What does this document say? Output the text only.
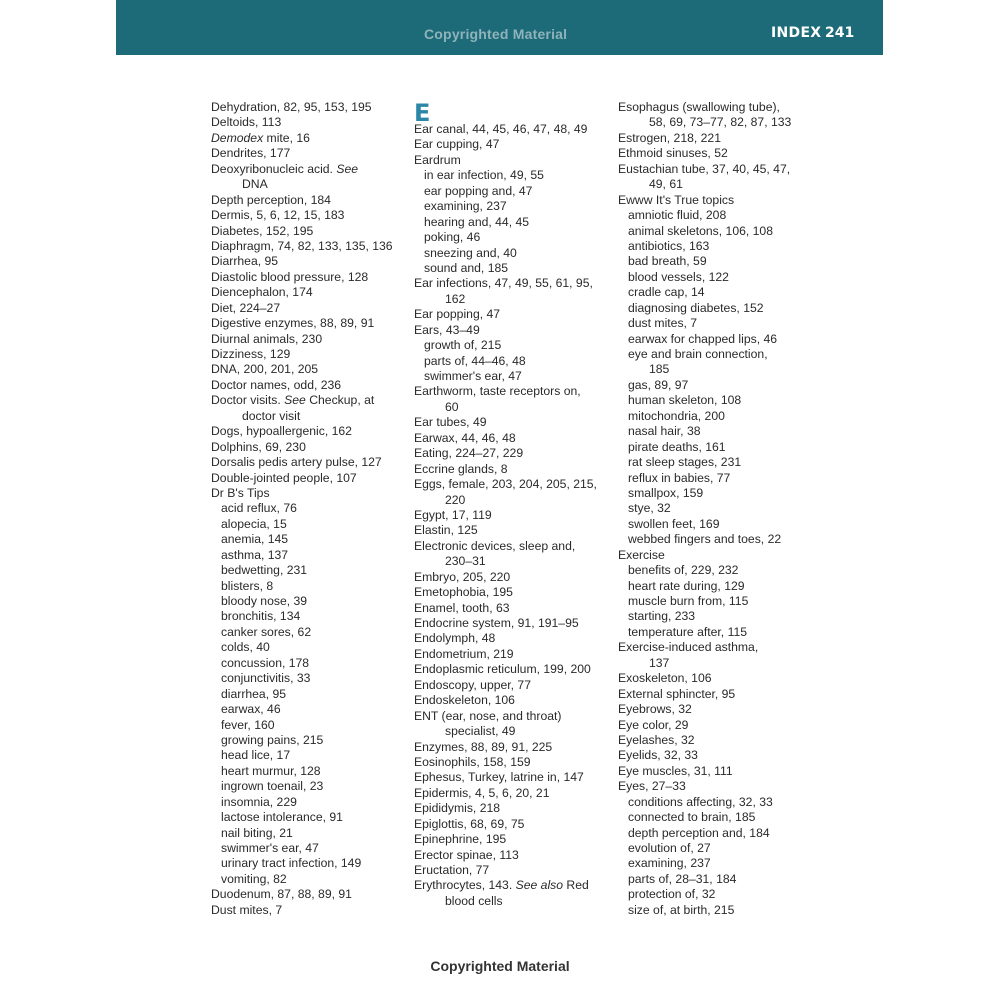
Copyrighted Material	INDEX 241
Dehydration, 82, 95, 153, 195
Deltoids, 113
Demodex mite, 16
Dendrites, 177
Deoxyribonucleic acid. See
DNA
Depth perception, 184
Dermis, 5, 6, 12, 15, 183
Diabetes, 152, 195
Diaphragm, 74, 82, 133, 135, 136
Diarrhea, 95
Diastolic blood pressure, 128
Diencephalon, 174
Diet, 224–27
Digestive enzymes, 88, 89, 91
Diurnal animals, 230
Dizziness, 129
DNA, 200, 201, 205
Doctor names, odd, 236
Doctor visits. See Checkup, at
doctor visit
Dogs, hypoallergenic, 162
Dolphins, 69, 230
Dorsalis pedis artery pulse, 127
Double-jointed people, 107
Dr B's Tips
acid reflux, 76
alopecia, 15
anemia, 145
asthma, 137
bedwetting, 231
blisters, 8
bloody nose, 39
bronchitis, 134
canker sores, 62
colds, 40
concussion, 178
conjunctivitis, 33
diarrhea, 95
earwax, 46
fever, 160
growing pains, 215
head lice, 17
heart murmur, 128
ingrown toenail, 23
insomnia, 229
lactose intolerance, 91
nail biting, 21
swimmer's ear, 47
urinary tract infection, 149
vomiting, 82
Duodenum, 87, 88, 89, 91
Dust mites, 7
E
Ear canal, 44, 45, 46, 47, 48, 49
Ear cupping, 47
Eardrum
in ear infection, 49, 55
ear popping and, 47
examining, 237
hearing and, 44, 45
poking, 46
sneezing and, 40
sound and, 185
Ear infections, 47, 49, 55, 61, 95,
162
Ear popping, 47
Ears, 43–49
growth of, 215
parts of, 44–46, 48
swimmer's ear, 47
Earthworm, taste receptors on,
60
Ear tubes, 49
Earwax, 44, 46, 48
Eating, 224–27, 229
Eccrine glands, 8
Eggs, female, 203, 204, 205, 215,
220
Egypt, 17, 119
Elastin, 125
Electronic devices, sleep and,
230–31
Embryo, 205, 220
Emetophobia, 195
Enamel, tooth, 63
Endocrine system, 91, 191–95
Endolymph, 48
Endometrium, 219
Endoplasmic reticulum, 199, 200
Endoscopy, upper, 77
Endoskeleton, 106
ENT (ear, nose, and throat)
specialist, 49
Enzymes, 88, 89, 91, 225
Eosinophils, 158, 159
Ephesus, Turkey, latrine in, 147
Epidermis, 4, 5, 6, 20, 21
Epididymis, 218
Epiglottis, 68, 69, 75
Epinephrine, 195
Erector spinae, 113
Eructation, 77
Erythrocytes, 143. See also Red
blood cells
Esophagus (swallowing tube),
58, 69, 73–77, 82, 87, 133
Estrogen, 218, 221
Ethmoid sinuses, 52
Eustachian tube, 37, 40, 45, 47,
49, 61
Ewww It's True topics
amniotic fluid, 208
animal skeletons, 106, 108
antibiotics, 163
bad breath, 59
blood vessels, 122
cradle cap, 14
diagnosing diabetes, 152
dust mites, 7
earwax for chapped lips, 46
eye and brain connection,
185
gas, 89, 97
human skeleton, 108
mitochondria, 200
nasal hair, 38
pirate deaths, 161
rat sleep stages, 231
reflux in babies, 77
smallpox, 159
stye, 32
swollen feet, 169
webbed fingers and toes, 22
Exercise
benefits of, 229, 232
heart rate during, 129
muscle burn from, 115
starting, 233
temperature after, 115
Exercise-induced asthma,
137
Exoskeleton, 106
External sphincter, 95
Eyebrows, 32
Eye color, 29
Eyelashes, 32
Eyelids, 32, 33
Eye muscles, 31, 111
Eyes, 27–33
conditions affecting, 32, 33
connected to brain, 185
depth perception and, 184
evolution of, 27
examining, 237
parts of, 28–31, 184
protection of, 32
size of, at birth, 215
Copyrighted Material
